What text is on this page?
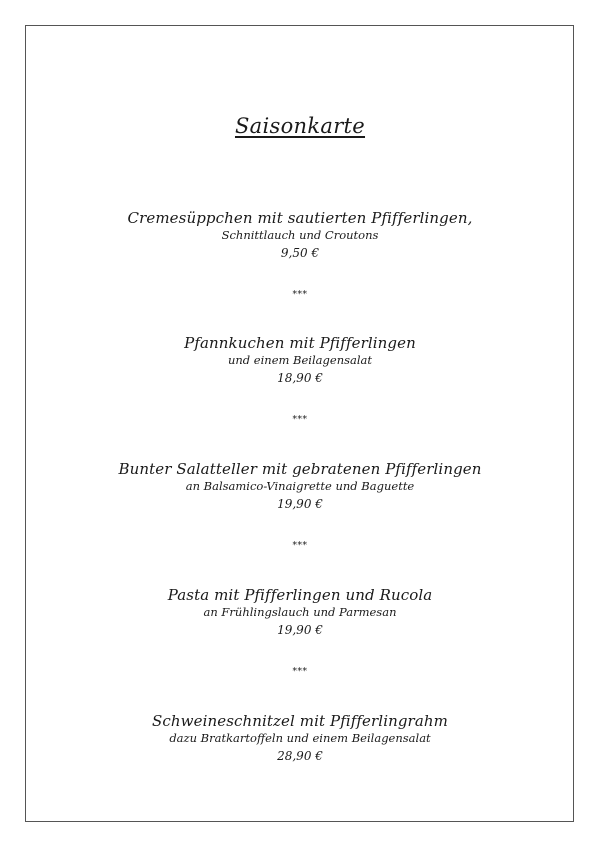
Saisonkarte
Cremesüppchen mit sautierten Pfifferlingen,
Schnittlauch und Croutons
9,50 €
***
Pfannkuchen mit Pfifferlingen
und einem Beilagensalat
18,90 €
***
Bunter Salatteller mit gebratenen Pfifferlingen
an Balsamico-Vinaigrette und Baguette
19,90 €
***
Pasta mit Pfifferlingen und Rucola
an Frühlingslauch und Parmesan
19,90 €
***
Schweineschnitzel mit Pfifferlingrahm
dazu Bratkartoffeln und einem Beilagensalat
28,90 €
